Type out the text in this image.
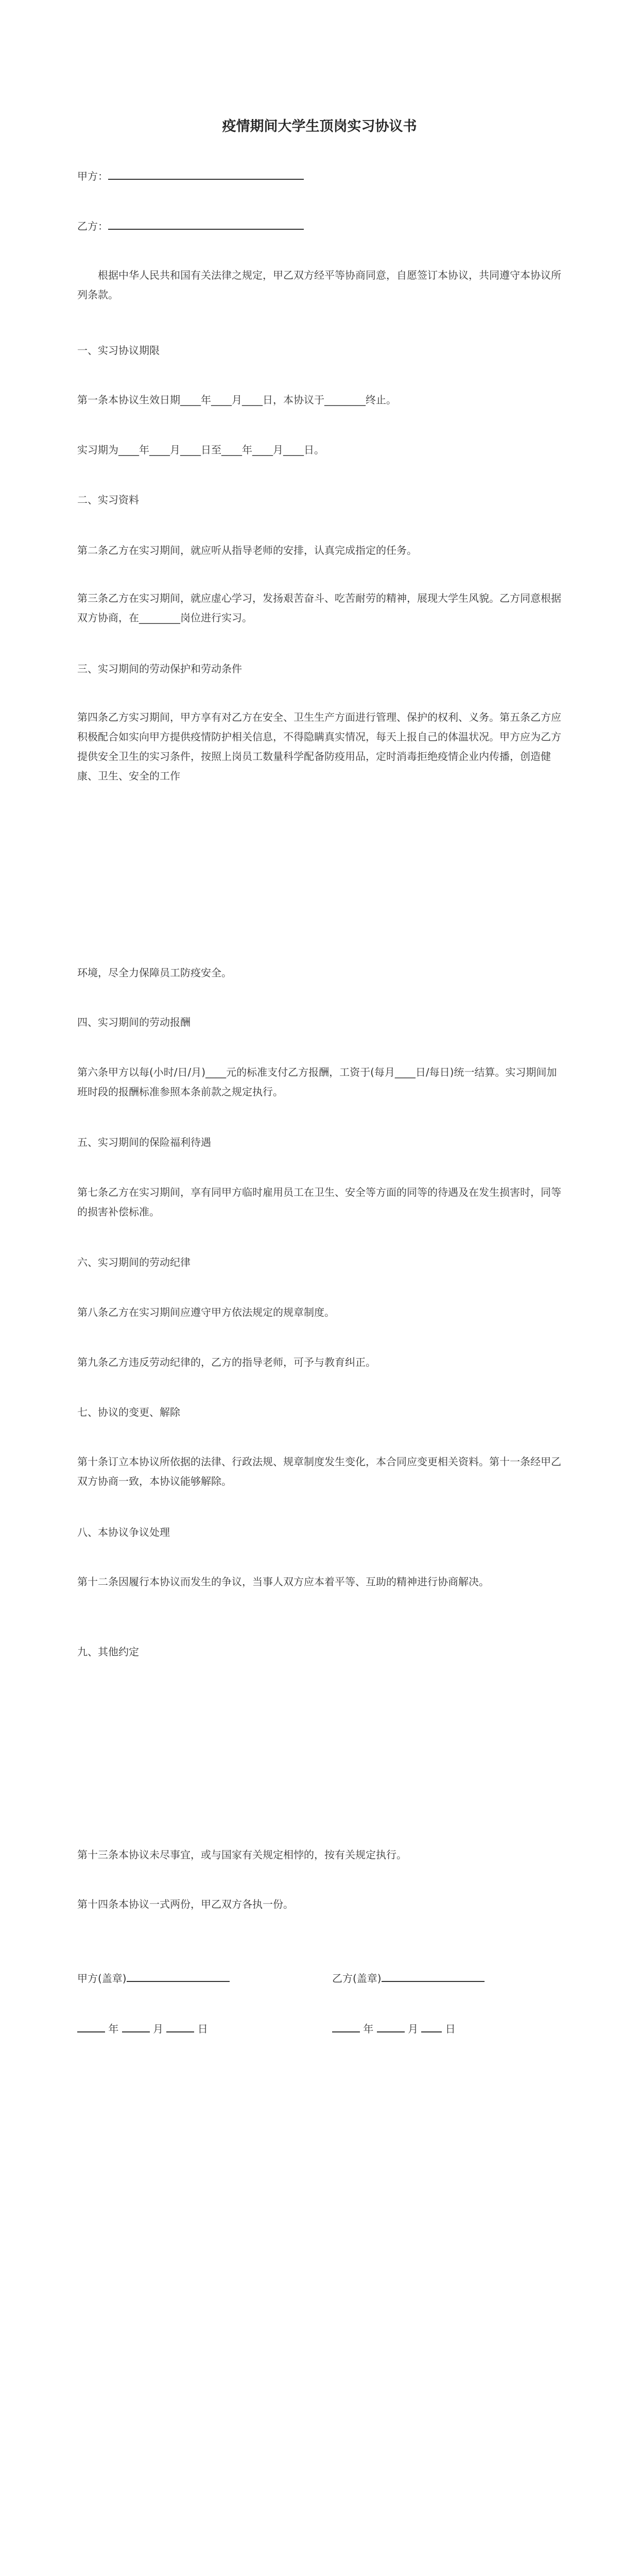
疫情期间大学生顶岗实习协议书

甲方：

乙方：

根据中华人民共和国有关法律之规定，甲乙双方经平等协商同意，自愿签订本协议，共同遵守本协议所列条款。

一、实习协议期限

第一条本协议生效日期____年____月____日，本协议于________终止。

实习期为____年____月____日至____年____月____日。

二、实习资料

第二条乙方在实习期间，就应听从指导老师的安排，认真完成指定的任务。

第三条乙方在实习期间，就应虚心学习，发扬艰苦奋斗、吃苦耐劳的精神，展现大学生风貌。乙方同意根据双方协商，在________岗位进行实习。

三、实习期间的劳动保护和劳动条件

第四条乙方实习期间，甲方享有对乙方在安全、卫生生产方面进行管理、保护的权利、义务。第五条乙方应积极配合如实向甲方提供疫情防护相关信息，不得隐瞒真实情况，每天上报自己的体温状况。甲方应为乙方提供安全卫生的实习条件，按照上岗员工数量科学配备防疫用品，定时消毒拒绝疫情企业内传播，创造健康、卫生、安全的工作

环境，尽全力保障员工防疫安全。

四、实习期间的劳动报酬

第六条甲方以每(小时/日/月)____元的标准支付乙方报酬，工资于(每月____日/每日)统一结算。实习期间加班时段的报酬标准参照本条前款之规定执行。

五、实习期间的保险福利待遇

第七条乙方在实习期间，享有同甲方临时雇用员工在卫生、安全等方面的同等的待遇及在发生损害时，同等的损害补偿标准。

六、实习期间的劳动纪律

第八条乙方在实习期间应遵守甲方依法规定的规章制度。

第九条乙方违反劳动纪律的，乙方的指导老师，可予与教育纠正。

七、协议的变更、解除

第十条订立本协议所依据的法律、行政法规、规章制度发生变化，本合同应变更相关资料。第十一条经甲乙双方协商一致，本协议能够解除。

八、本协议争议处理

第十二条因履行本协议而发生的争议，当事人双方应本着平等、互助的精神进行协商解决。

九、其他约定

第十三条本协议未尽事宜，或与国家有关规定相悖的，按有关规定执行。

第十四条本协议一式两份，甲乙双方各执一份。

甲方(盖章)	乙方(盖章)
年	月	日	年	月	日
